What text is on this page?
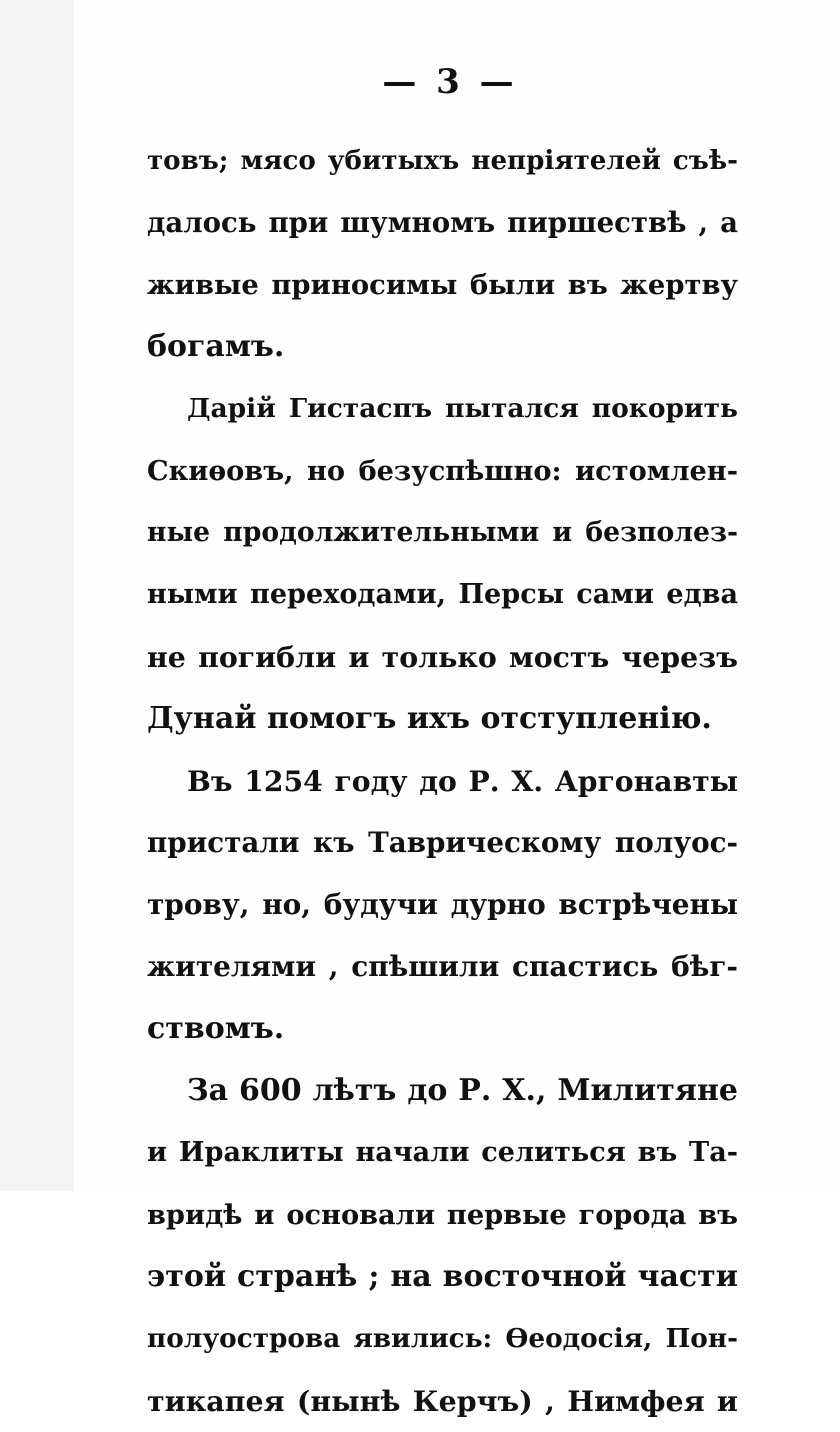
— 3 —
товъ; мясо убитыхъ непріятелей съѣ-
далось при шумномъ пиршествѣ , а
живые приносимы были въ жертву
богамъ.
Дарій Гистаспъ пытался покорить
Скиѳовъ, но безуспѣшно: истомлен-
ные продолжительными и безполез-
ными переходами, Персы сами едва
не погибли и только мостъ черезъ
Дунай помогъ ихъ отступленію.
Въ 1254 году до Р. Х. Аргонавты
пристали къ Таврическому полуос-
трову, но, будучи дурно встрѣчены
жителями , спѣшили спастись бѣг-
ствомъ.
За 600 лѣтъ до Р. Х., Милитяне
и Ираклиты начали селиться въ Та-
вридѣ и основали первые города въ
этой странѣ ; на восточной части
полуострова явились: Ѳеодосія, Пон-
тикапея (нынѣ Керчъ) , Нимфея и
